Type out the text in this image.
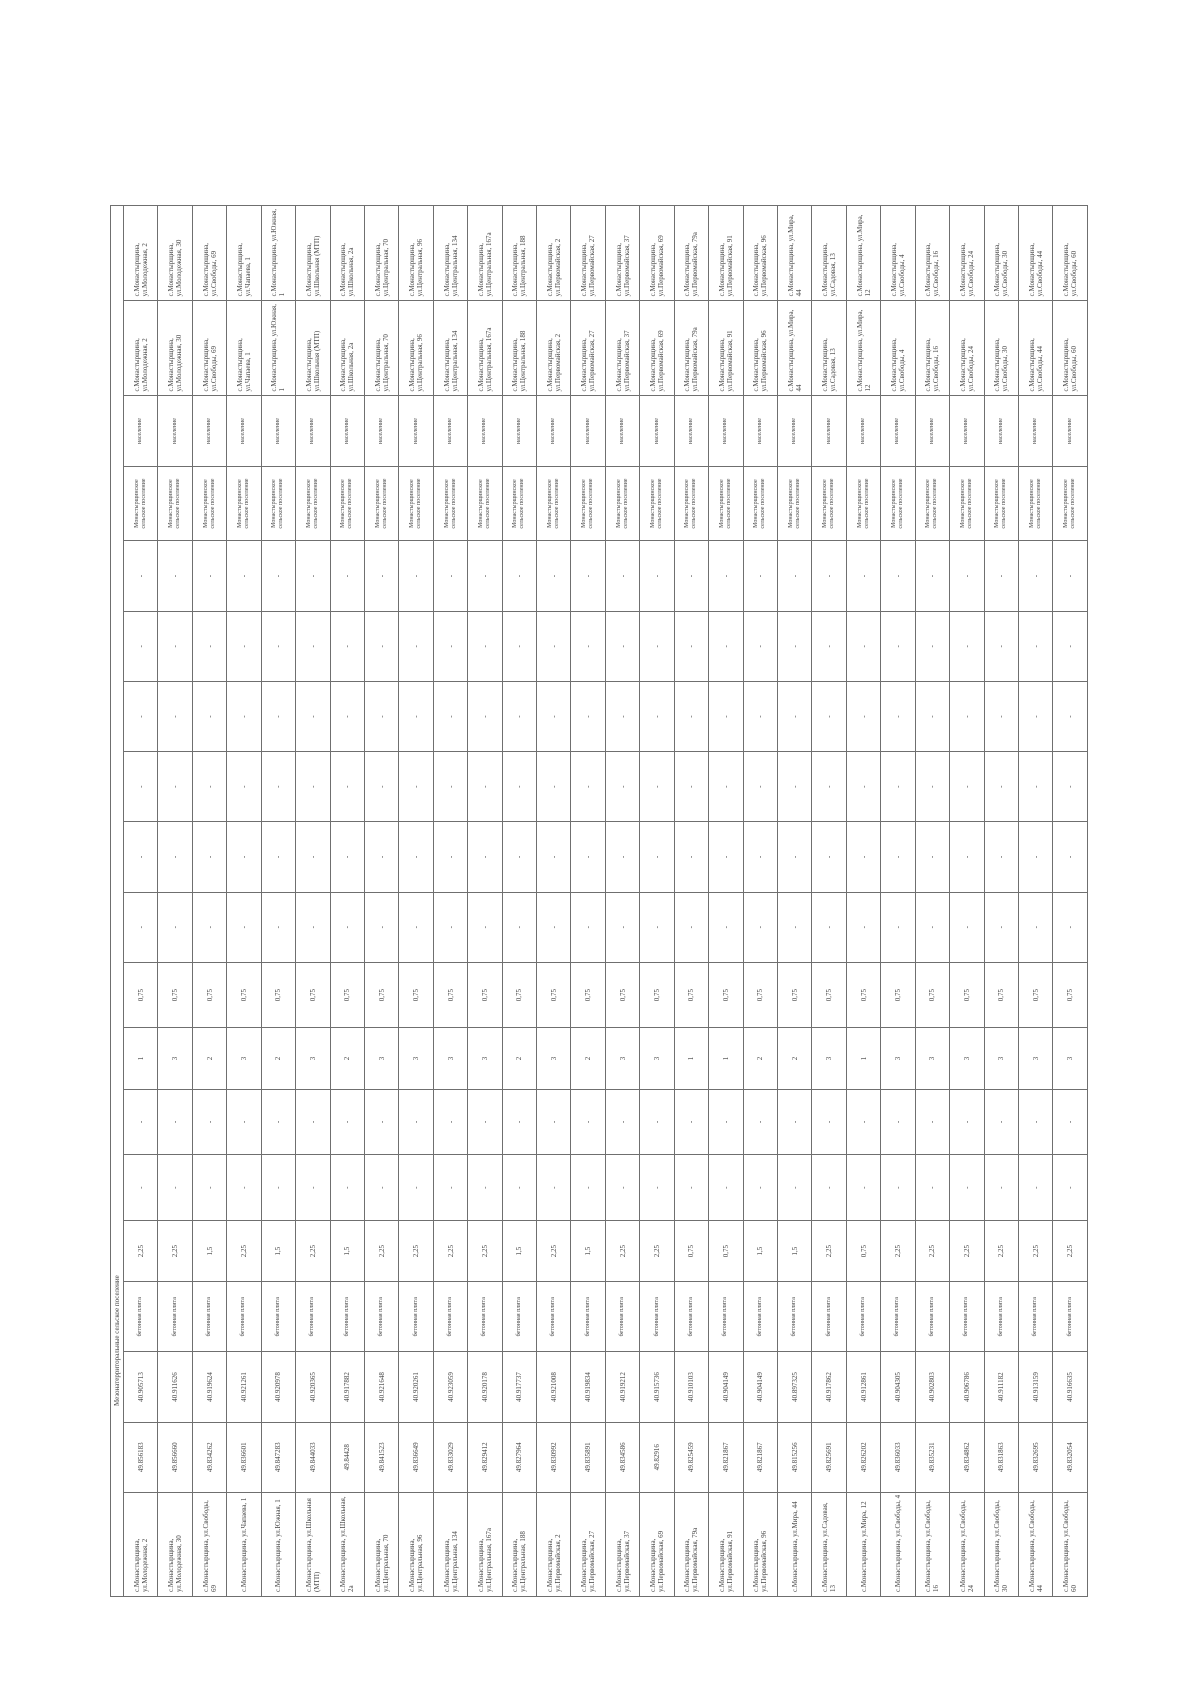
Мезонатерриторальные сельское поселение																		
с.Монастырщина, ул.Молодежная, 2	49.856183	40.905713	бетонная плита	2,25	-	-	1	0,75	-	-	-	-	-	-	Монастырщинское сельское поселение	население	с.Монастырщина, ул.Молодежная, 2	с.Монастырщина, ул.Молодежная, 2
с.Монастырщина, ул.Молодежная, 30	49.856660	40.911626	бетонная плита	2,25	-	-	3	0,75	-	-	-	-	-	-	Монастырщинское сельское поселение	население	с.Монастырщина, ул.Молодежная, 30	с.Монастырщина, ул.Молодежная, 30
с.Монастырщина, ул.Свободы, 69	49.834262	40.919624	бетонная плита	1,5	-	-	2	0,75	-	-	-	-	-	-	Монастырщинское сельское поселение	население	с.Монастырщина, ул.Свободы, 69	с.Монастырщина, ул.Свободы, 69
с.Монастырщина, ул.Чапаева, 1	49.836601	40.921261	бетонная плита	2,25	-	-	3	0,75	-	-	-	-	-	-	Монастырщинское сельское поселение	население	с.Монастырщина, ул.Чапаева, 1	с.Монастырщина, ул.Чапаева, 1
с.Монастырщина, ул.Южная, 1	49.847283	40.920978	бетонная плита	1,5	-	-	2	0,75	-	-	-	-	-	-	Монастырщинское сельское поселение	население	с.Монастырщина, ул.Южная, 1	с.Монастырщина, ул.Южная, 1
с.Монастырщина, ул.Школьная (МТП)	49.844033	40.920365	бетонная плита	2,25	-	-	3	0,75	-	-	-	-	-	-	Монастырщинское сельское поселение	население	с.Монастырщина, ул.Школьная (МТП)	с.Монастырщина, ул.Школьная (МТП)
с.Монастырщина, ул.Школьная, 2а	49.84428	40.917882	бетонная плита	1,5	-	-	2	0,75	-	-	-	-	-	-	Монастырщинское сельское поселение	население	с.Монастырщина, ул.Школьная, 2а	с.Монастырщина, ул.Школьная, 2а
с.Монастырщина, ул.Центральная, 70	49.841523	40.921648	бетонная плита	2,25	-	-	3	0,75	-	-	-	-	-	-	Монастырщинское сельское поселение	население	с.Монастырщина, ул.Центральная, 70	с.Монастырщина, ул.Центральная, 70
с.Монастырщина, ул.Центральная, 96	49.836649	40.920261	бетонная плита	2,25	-	-	3	0,75	-	-	-	-	-	-	Монастырщинское сельское поселение	население	с.Монастырщина, ул.Центральная, 96	с.Монастырщина, ул.Центральная, 96
с.Монастырщина, ул.Центральная, 134	49.833029	40.923059	бетонная плита	2,25	-	-	3	0,75	-	-	-	-	-	-	Монастырщинское сельское поселение	население	с.Монастырщина, ул.Центральная, 134	с.Монастырщина, ул.Центральная, 134
с.Монастырщина, ул.Центральная, 167а	49.829412	40.920178	бетонная плита	2,25	-	-	3	0,75	-	-	-	-	-	-	Монастырщинское сельское поселение	население	с.Монастырщина, ул.Центральная, 167а	с.Монастырщина, ул.Центральная, 167а
с.Монастырщина, ул.Центральная, 188	49.827964	40.917737	бетонная плита	1,5	-	-	2	0,75	-	-	-	-	-	-	Монастырщинское сельское поселение	население	с.Монастырщина, ул.Центральная, 188	с.Монастырщина, ул.Центральная, 188
с.Монастырщина, ул.Первомайская, 2	49.830992	40.921008	бетонная плита	2,25	-	-	3	0,75	-	-	-	-	-	-	Монастырщинское сельское поселение	население	с.Монастырщина, ул.Первомайская, 2	с.Монастырщина, ул.Первомайская, 2
с.Монастырщина, ул.Первомайская, 27	49.835891	40.919834	бетонная плита	1,5	-	-	2	0,75	-	-	-	-	-	-	Монастырщинское сельское поселение	население	с.Монастырщина, ул.Первомайская, 27	с.Монастырщина, ул.Первомайская, 27
с.Монастырщина, ул.Первомайская, 37	49.834586	40.919212	бетонная плита	2,25	-	-	3	0,75	-	-	-	-	-	-	Монастырщинское сельское поселение	население	с.Монастырщина, ул.Первомайская, 37	с.Монастырщина, ул.Первомайская, 37
с.Монастырщина, ул.Первомайская, 69	49.82916	40.915736	бетонная плита	2,25	-	-	3	0,75	-	-	-	-	-	-	Монастырщинское сельское поселение	население	с.Монастырщина, ул.Первомайская, 69	с.Монастырщина, ул.Первомайская, 69
с.Монастырщина, ул.Первомайская, 79а	49.825459	40.910103	бетонная плита	0,75	-	-	1	0,75	-	-	-	-	-	-	Монастырщинское сельское поселение	население	с.Монастырщина, ул.Первомайская, 79а	с.Монастырщина, ул.Первомайская, 79а
с.Монастырщина, ул.Первомайская, 91	49.821867	40.904149	бетонная плита	0,75	-	-	1	0,75	-	-	-	-	-	-	Монастырщинское сельское поселение	население	с.Монастырщина, ул.Первомайская, 91	с.Монастырщина, ул.Первомайская, 91
с.Монастырщина, ул.Первомайская, 96	49.821867	40.904149	бетонная плита	1,5	-	-	2	0,75	-	-	-	-	-	-	Монастырщинское сельское поселение	население	с.Монастырщина, ул.Первомайская, 96	с.Монастырщина, ул.Первомайская, 96
с.Монастырщина, ул.Мира, 44	49.815256	40.897325	бетонная плита	1,5	-	-	2	0,75	-	-	-	-	-	-	Монастырщинское сельское поселение	население	с.Монастырщина, ул.Мира, 44	с.Монастырщина, ул.Мира, 44
с.Монастырщина, ул.Садовая, 13	49.825691	40.917862	бетонная плита	2,25	-	-	3	0,75	-	-	-	-	-	-	Монастырщинское сельское поселение	население	с.Монастырщина, ул.Садовая, 13	с.Монастырщина, ул.Садовая, 13
с.Монастырщина, ул.Мира, 12	49.826202	40.912861	бетонная плита	0,75	-	-	1	0,75	-	-	-	-	-	-	Монастырщинское сельское поселение	население	с.Монастырщина, ул.Мира, 12	с.Монастырщина, ул.Мира, 12
с.Монастырщина, ул.Свободы, 4	49.836033	40.904305	бетонная плита	2,25	-	-	3	0,75	-	-	-	-	-	-	Монастырщинское сельское поселение	население	с.Монастырщина, ул.Свободы, 4	с.Монастырщина, ул.Свободы, 4
с.Монастырщина, ул.Свободы, 16	49.835231	40.902803	бетонная плита	2,25	-	-	3	0,75	-	-	-	-	-	-	Монастырщинское сельское поселение	население	с.Монастырщина, ул.Свободы, 16	с.Монастырщина, ул.Свободы, 16
с.Монастырщина, ул.Свободы, 24	49.834862	40.906786	бетонная плита	2,25	-	-	3	0,75	-	-	-	-	-	-	Монастырщинское сельское поселение	население	с.Монастырщина, ул.Свободы, 24	с.Монастырщина, ул.Свободы, 24
с.Монастырщина, ул.Свободы, 30	49.831863	40.911182	бетонная плита	2,25	-	-	3	0,75	-	-	-	-	-	-	Монастырщинское сельское поселение	население	с.Монастырщина, ул.Свободы, 30	с.Монастырщина, ул.Свободы, 30
с.Монастырщина, ул.Свободы, 44	49.832695	40.913159	бетонная плита	2,25	-	-	3	0,75	-	-	-	-	-	-	Монастырщинское сельское поселение	население	с.Монастырщина, ул.Свободы, 44	с.Монастырщина, ул.Свободы, 44
с.Монастырщина, ул.Свободы, 60	49.832054	40.916635	бетонная плита	2,25	-	-	3	0,75	-	-	-	-	-	-	Монастырщинское сельское поселение	население	с.Монастырщина, ул.Свободы, 60	с.Монастырщина, ул.Свободы, 60
